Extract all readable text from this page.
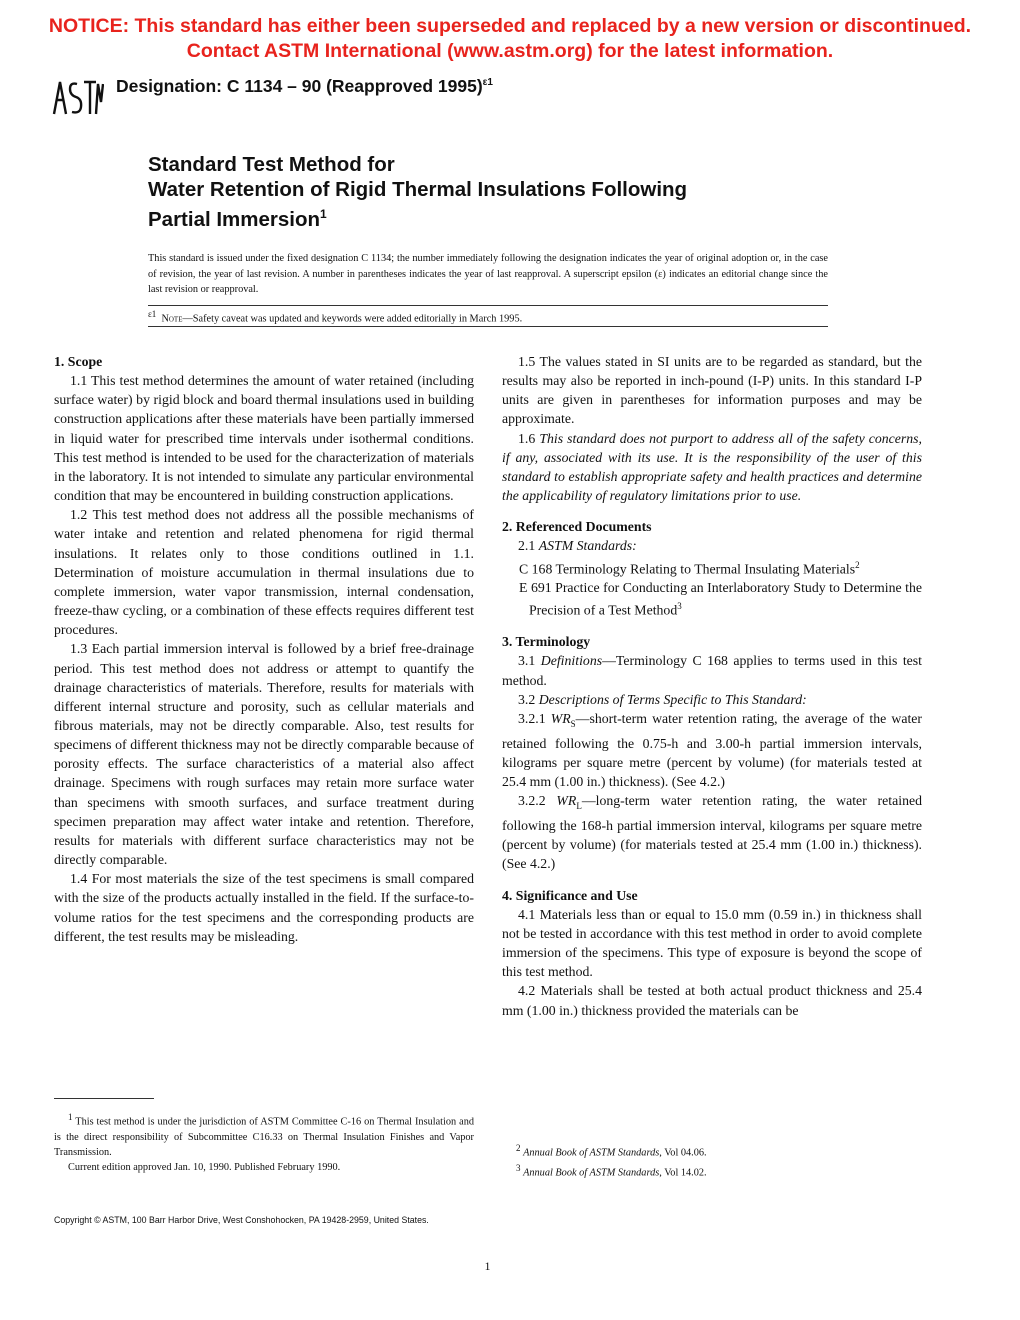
NOTICE: This standard has either been superseded and replaced by a new version or discontinued.
Contact ASTM International (www.astm.org) for the latest information.
ASTM
Designation: C 1134 – 90 (Reapproved 1995)$^{\varepsilon 1}$
Standard Test Method for
Water Retention of Rigid Thermal Insulations Following
Partial Immersion$^1$
This standard is issued under the fixed designation C 1134; the number immediately following the designation indicates the year of original adoption or, in the case of revision, the year of last revision. A number in parentheses indicates the year of last reapproval. A superscript epsilon (ε) indicates an editorial change since the last revision or reapproval.
$^{\varepsilon 1}$ Note—Safety caveat was updated and keywords were added editorially in March 1995.
1. Scope

1.1 This test method determines the amount of water retained (including surface water) by rigid block and board thermal insulations used in building construction applications after these materials have been partially immersed in liquid water for prescribed time intervals under isothermal conditions. This test method is intended to be used for the characterization of materials in the laboratory. It is not intended to simulate any particular environmental condition that may be encountered in building construction applications.

1.2 This test method does not address all the possible mechanisms of water intake and retention and related phenomena for rigid thermal insulations. It relates only to those conditions outlined in 1.1. Determination of moisture accumulation in thermal insulations due to complete immersion, water vapor transmission, internal condensation, freeze-thaw cycling, or a combination of these effects requires different test procedures.

1.3 Each partial immersion interval is followed by a brief free-drainage period. This test method does not address or attempt to quantify the drainage characteristics of materials. Therefore, results for materials with different internal structure and porosity, such as cellular materials and fibrous materials, may not be directly comparable. Also, test results for specimens of different thickness may not be directly comparable because of porosity effects. The surface characteristics of a material also affect drainage. Specimens with rough surfaces may retain more surface water than specimens with smooth surfaces, and surface treatment during specimen preparation may affect water intake and retention. Therefore, results for materials with different surface characteristics may not be directly comparable.

1.4 For most materials the size of the test specimens is small compared with the size of the products actually installed in the field. If the surface-to-volume ratios for the test specimens and the corresponding products are different, the test results may be misleading.

1.5 The values stated in SI units are to be regarded as standard, but the results may also be reported in inch-pound (I-P) units. In this standard I-P units are given in parentheses for information purposes and may be approximate.

1.6 This standard does not purport to address all of the safety concerns, if any, associated with its use. It is the responsibility of the user of this standard to establish appropriate safety and health practices and determine the applicability of regulatory limitations prior to use.

2. Referenced Documents

2.1 ASTM Standards:

C 168 Terminology Relating to Thermal Insulating Materials$^2$

E 691 Practice for Conducting an Interlaboratory Study to Determine the Precision of a Test Method$^3$

3. Terminology

3.1 Definitions—Terminology C 168 applies to terms used in this test method.

3.2 Descriptions of Terms Specific to This Standard:

3.2.1 $WR_S—short$-term water retention rating, the average of the water retained following the 0.75-h and 3.00-h partial immersion intervals, kilograms per square metre (percent by volume) (for materials tested at 25.4 mm (1.00 in.) thickness). (See 4.2.)

3.2.2 $WR_L—long$-term water retention rating, the water retained following the 168-h partial immersion interval, kilograms per square metre (percent by volume) (for materials tested at 25.4 mm (1.00 in.) thickness). (See 4.2.)

4. Significance and Use

4.1 Materials less than or equal to 15.0 mm (0.59 in.) in thickness shall not be tested in accordance with this test method in order to avoid complete immersion of the specimens. This type of exposure is beyond the scope of this test method.

4.2 Materials shall be tested at both actual product thickness and 25.4 mm (1.00 in.) thickness provided the materials can be

$^1$ This test method is under the jurisdiction of ASTM Committee C-16 on Thermal Insulation and is the direct responsibility of Subcommittee C16.33 on Thermal Insulation Finishes and Vapor Transmission.

Current edition approved Jan. 10, 1990. Published February 1990.

$^2$ Annual Book of ASTM Standards, Vol 04.06.

$^3$ Annual Book of ASTM Standards, Vol 14.02.

Copyright © ASTM, 100 Barr Harbor Drive, West Conshohocken, PA 19428-2959, United States.
1
